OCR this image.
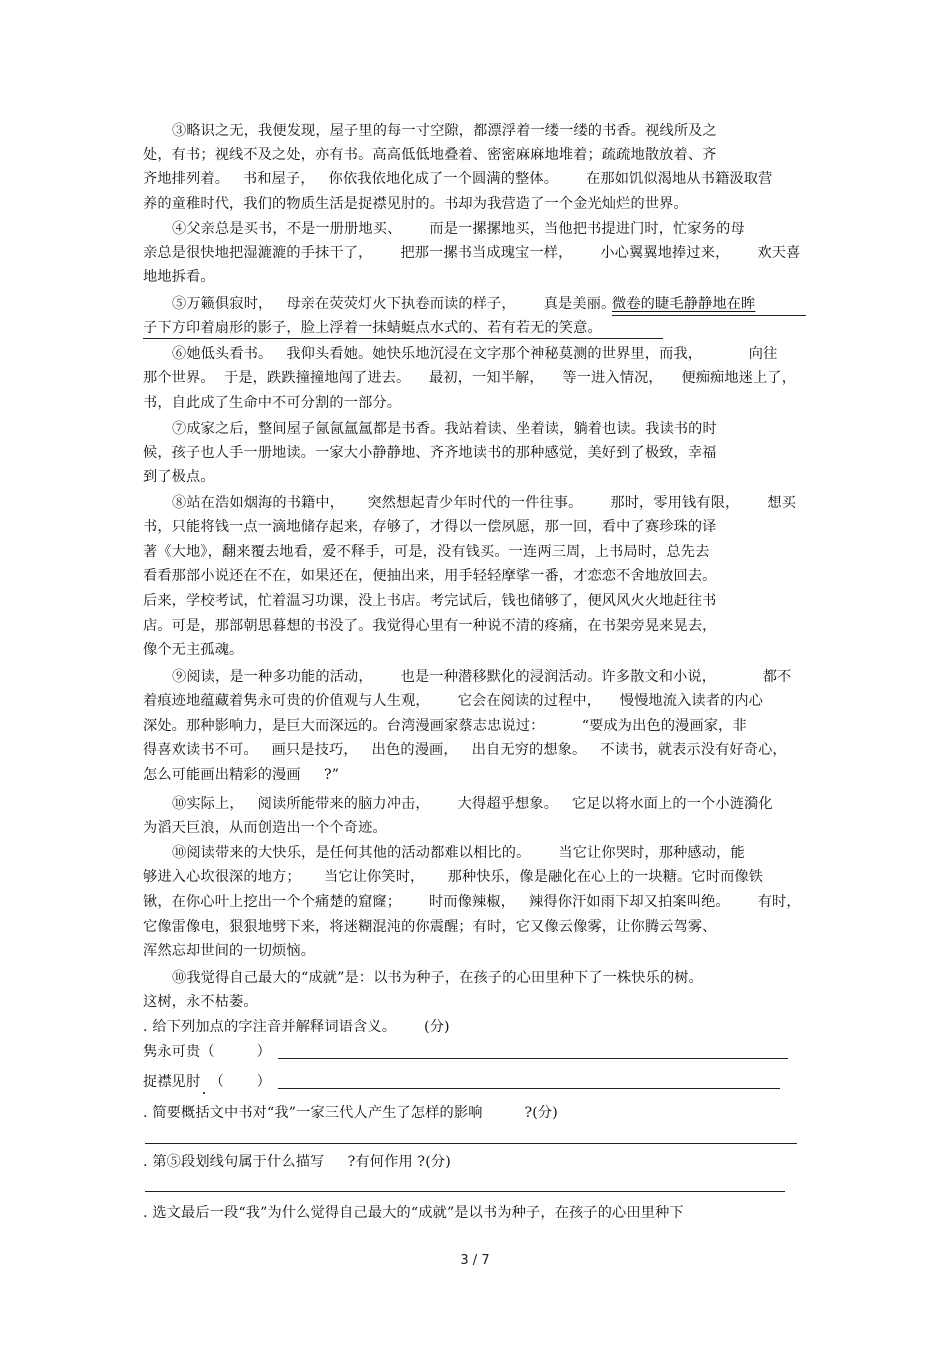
③略识之无，我便发现，屋子里的每一寸空隙，都漂浮着一缕一缕的书香。视线所及之
处，有书；视线不及之处，亦有书。高高低低地叠着、密密麻麻地堆着；疏疏地散放着、齐
齐地排列着。   书和屋子，   你依我依地化成了一个圆满的整体。      在那如饥似渴地从书籍汲取营
养的童稚时代，我们的物质生活是捉襟见肘的。书却为我营造了一个金光灿烂的世界。
④父亲总是买书，不是一册册地买、      而是一摞摞地买，当他把书提进门时，忙家务的母
亲总是很快地把湿漉漉的手抹干了，      把那一摞书当成瑰宝一样，      小心翼翼地捧过来，      欢天喜
地地拆看。
⑤万籁俱寂时，   母亲在荧荧灯火下执卷而读的样子，      真是美丽。
微卷的睫毛静静地在眸
子下方印着扇形的影子，脸上浮着一抹蜻蜓点水式的、若有若无的笑意。
⑥她低头看书。   我仰头看她。她快乐地沉浸在文字那个神秘莫测的世界里，而我，          向往
那个世界。  于是，跌跌撞撞地闯了进去。    最初，一知半解，    等一进入情况，    便痴痴地迷上了，
书，自此成了生命中不可分割的一部分。
⑦成家之后，整间屋子氤氤氲氲都是书香。我站着读、坐着读，躺着也读。我读书的时
候，孩子也人手一册地读。一家大小静静地、齐齐地读书的那种感觉，美好到了极致，幸福
到了极点。
⑧站在浩如烟海的书籍中，     突然想起青少年时代的一件往事。      那时，零用钱有限，      想买
书，只能将钱一点一滴地储存起来，存够了，才得以一偿夙愿，那一回，看中了赛珍珠的译
著《大地》，翻来覆去地看，爱不释手，可是，没有钱买。一连两三周，上书局时，总先去
看看那部小说还在不在，如果还在，便抽出来，用手轻轻摩挲一番，才恋恋不舍地放回去。
后来，学校考试，忙着温习功课，没上书店。考完试后，钱也储够了，便风风火火地赶往书
店。可是，那部朝思暮想的书没了。我觉得心里有一种说不清的疼痛，在书架旁晃来晃去，
像个无主孤魂。
⑨阅读，是一种多功能的活动，      也是一种潜移默化的浸润活动。许多散文和小说，          都不
着痕迹地蕴藏着隽永可贵的价值观与人生观，      它会在阅读的过程中，    慢慢地流入读者的内心
深处。那种影响力，是巨大而深远的。台湾漫画家蔡志忠说过：        “要成为出色的漫画家，非
得喜欢读书不可。   画只是技巧，   出色的漫画，   出自无穷的想象。   不读书，就表示没有好奇心，
怎么可能画出精彩的漫画     ?”
⑩实际上，   阅读所能带来的脑力冲击，      大得超乎想象。   它足以将水面上的一个小涟漪化
为滔天巨浪，从而创造出一个个奇迹。
⑩阅读带来的大快乐，是任何其他的活动都难以相比的。      当它让你哭时，那种感动，能
够进入心坎很深的地方；     当它让你笑时，     那种快乐，像是融化在心上的一块糖。它时而像铁
锹，在你心叶上挖出一个个痛楚的窟窿；      时而像辣椒，   辣得你汗如雨下却又拍案叫绝。      有时，
它像雷像电，狠狠地劈下来，将迷糊混沌的你震醒；有时，它又像云像雾，让你腾云驾雾、
浑然忘却世间的一切烦恼。
⑩我觉得自己最大的“成就”是：以书为种子，在孩子的心田里种下了一株快乐的树。
这树，永不枯萎。
. 给下列加点的字注音并解释词语含义。      (分)
隽永可贵（         ）
捉襟见肘  （       ）
. 简要概括文中书对“我”一家三代人产生了怎样的影响         ?(分)
. 第⑤段划线句属于什么描写     ?有何作用 ?(分)
. 选文最后一段“我”为什么觉得自己最大的“成就”是以书为种子，在孩子的心田里种下
3 / 7
